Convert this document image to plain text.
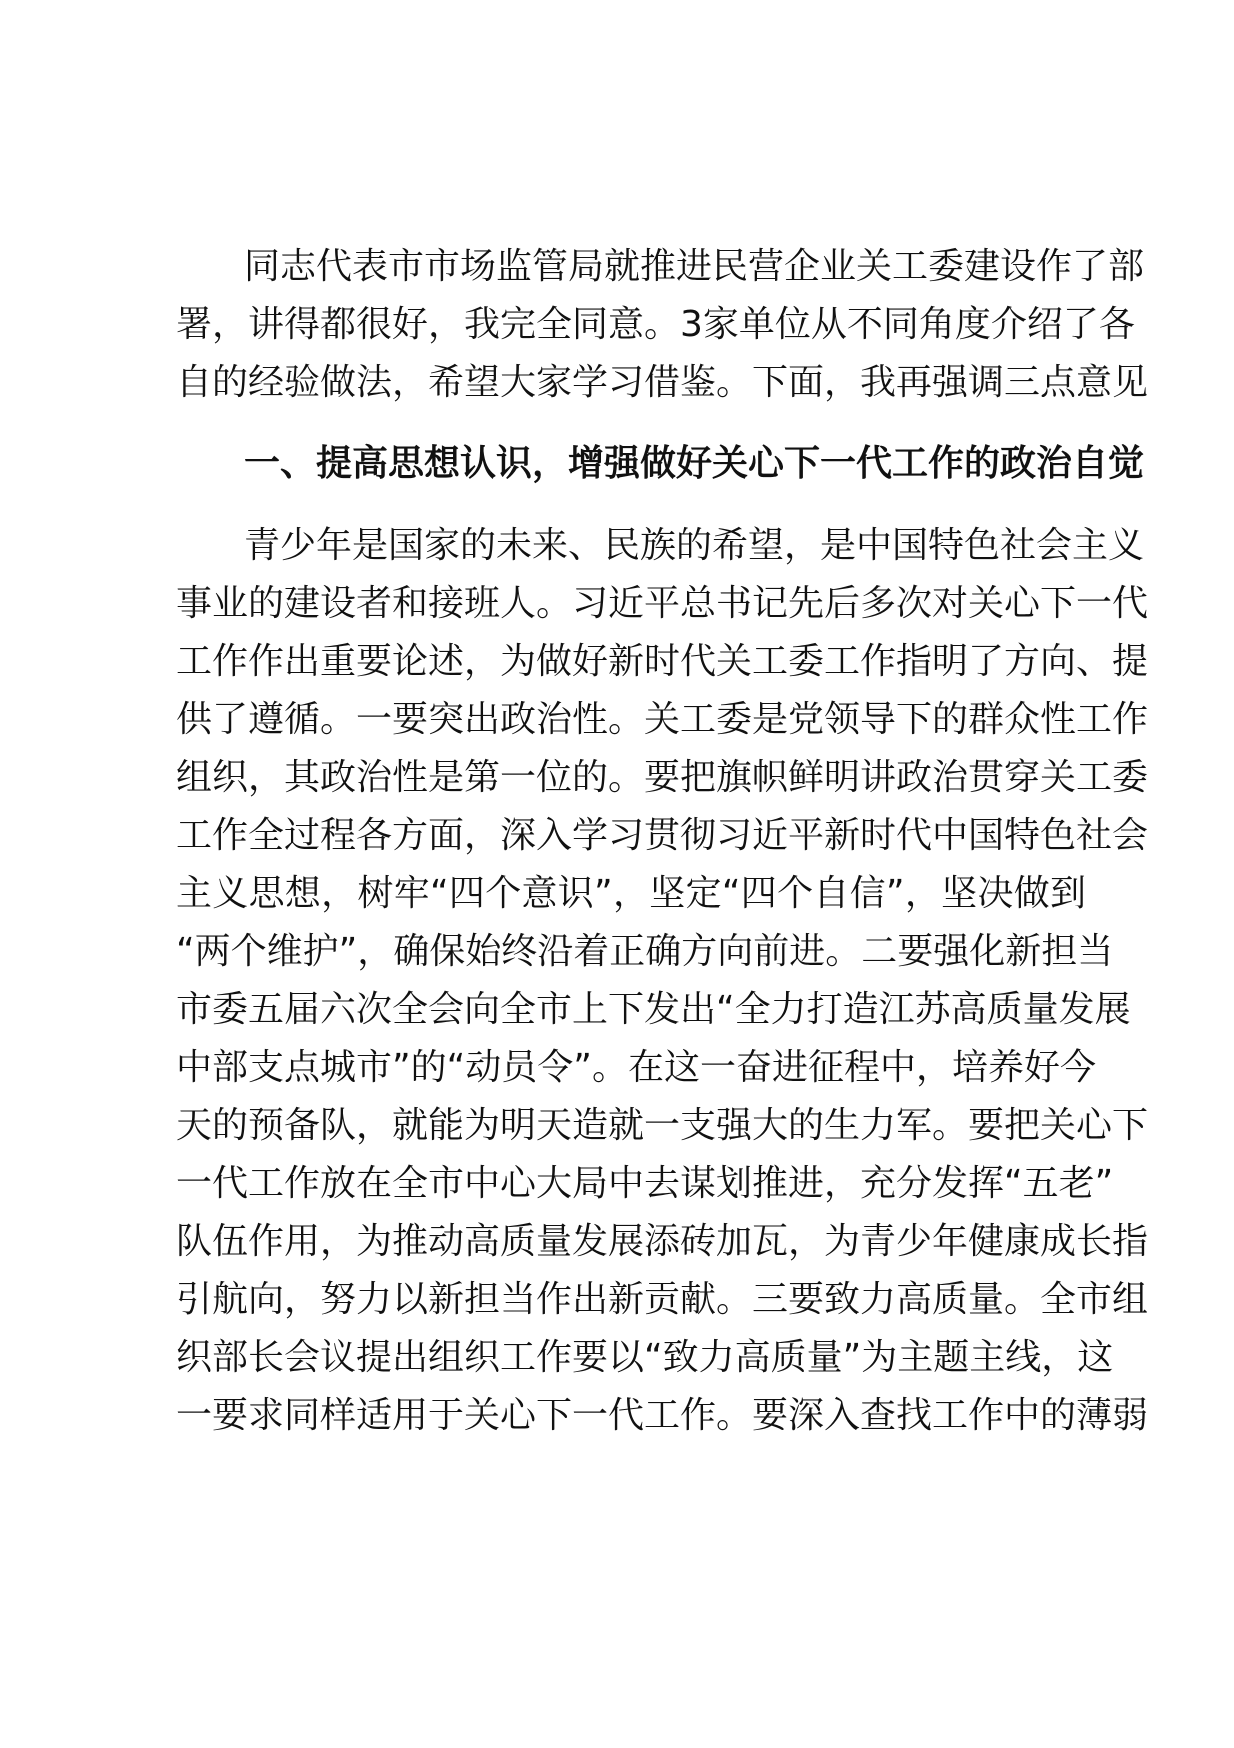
同志代表市市场监管局就推进民营企业关工委建设作了部
署，讲得都很好，我完全同意。3家单位从不同角度介绍了各
自的经验做法，希望大家学习借鉴。下面，我再强调三点意见
一、提高思想认识，增强做好关心下一代工作的政治自觉
青少年是国家的未来、民族的希望，是中国特色社会主义
事业的建设者和接班人。习近平总书记先后多次对关心下一代
工作作出重要论述，为做好新时代关工委工作指明了方向、提
供了遵循。一要突出政治性。关工委是党领导下的群众性工作
组织，其政治性是第一位的。要把旗帜鲜明讲政治贯穿关工委
工作全过程各方面，深入学习贯彻习近平新时代中国特色社会
主义思想，树牢“四个意识”，坚定“四个自信”，坚决做到
“两个维护”，确保始终沿着正确方向前进。二要强化新担当
市委五届六次全会向全市上下发出“全力打造江苏高质量发展
中部支点城市”的“动员令”。在这一奋进征程中，培养好今
天的预备队，就能为明天造就一支强大的生力军。要把关心下
一代工作放在全市中心大局中去谋划推进，充分发挥“五老”
队伍作用，为推动高质量发展添砖加瓦，为青少年健康成长指
引航向，努力以新担当作出新贡献。三要致力高质量。全市组
织部长会议提出组织工作要以“致力高质量”为主题主线，这
一要求同样适用于关心下一代工作。要深入查找工作中的薄弱
